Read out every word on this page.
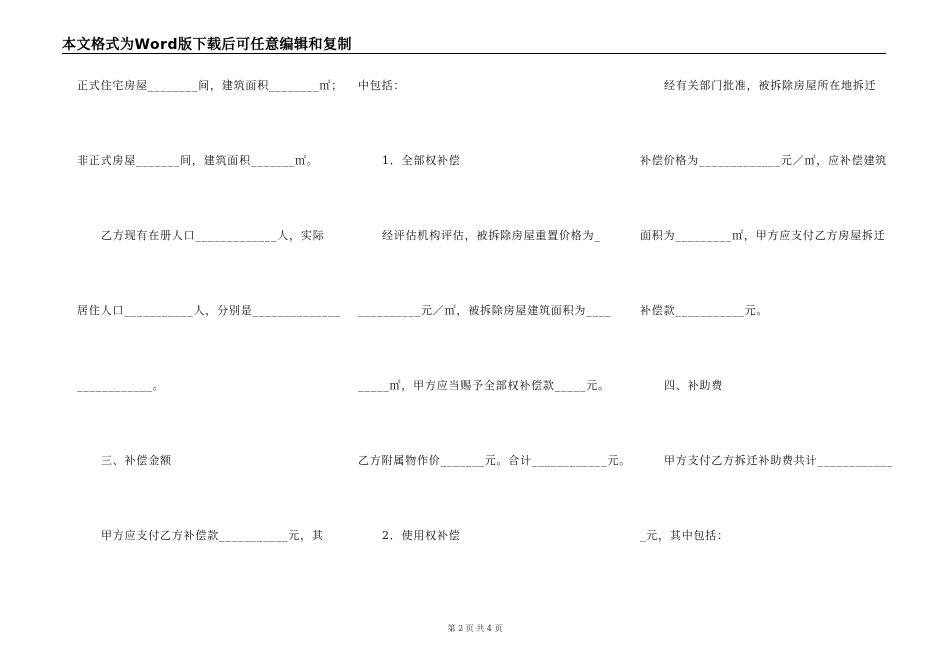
本文格式为Word版下载后可任意编辑和复制
正式住宅房屋________间，建筑面积________㎡；
非正式房屋_______间，建筑面积_______㎡。
乙方现有在册人口_____________人，实际
居住人口___________人，分别是______________
____________。
三、补偿金额
甲方应支付乙方补偿款___________元，其
中包括：
1．全部权补偿
经评估机构评估，被拆除房屋重置价格为_
__________元／㎡，被拆除房屋建筑面积为____
_____㎡，甲方应当赐予全部权补偿款_____元。
乙方附属物作价_______元。合计____________元。
2．使用权补偿
经有关部门批准，被拆除房屋所在地拆迁
补偿价格为_____________元／㎡，应补偿建筑
面积为_________㎡，甲方应支付乙方房屋拆迁
补偿款___________元。
四、补助费
甲方支付乙方拆迁补助费共计____________
_元，其中包括：
第 2 页 共 4 页
